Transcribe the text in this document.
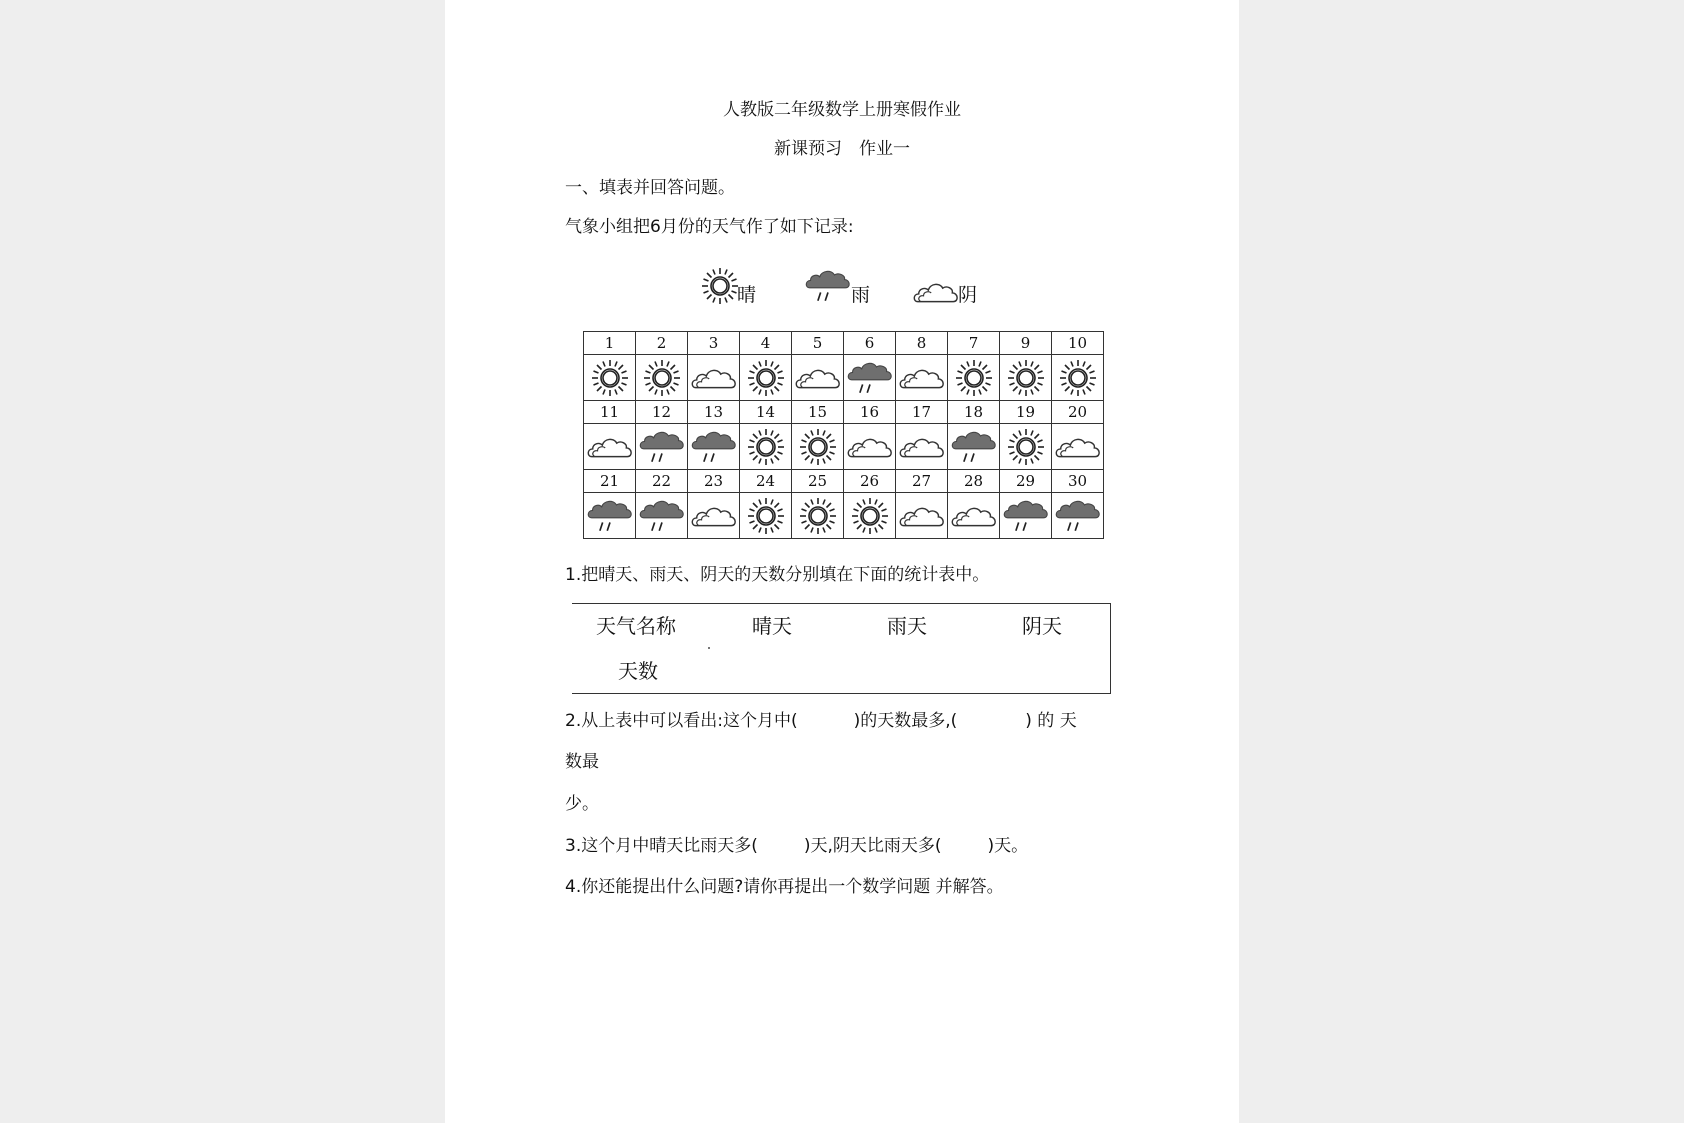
人教版二年级数学上册寒假作业
新课预习　作业一
一、填表并回答问题。
气象小组把6月份的天气作了如下记录:
晴	雨	阴
1	2	3	4	5	6	8	7	9	10

11	12	13	14	15	16	17	18	19	20

21	22	23	24	25	26	27	28	29	30

1.把晴天、雨天、阴天的天数分别填在下面的统计表中。
天气名称	晴天	雨天	阴天
天数
2.从上表中可以看出:这个月中(	)的天数最多,(	) 的 天
数最
少。
3.这个月中晴天比雨天多(	)天,阴天比雨天多(	)天。
4.你还能提出什么问题?请你再提出一个数学问题 并解答。
